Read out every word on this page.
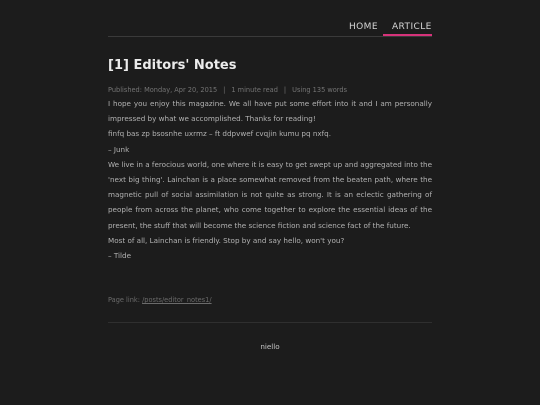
HOME ARTICLE
[1] Editors' Notes
Published: Monday, Apr 20, 2015 | 1 minute read | Using 135 words

I hope you enjoy this magazine. We all have put some effort into it and I am personally impressed by what we accomplished. Thanks for reading!

finfq bas zp bsosnhe uxrmz – ft ddpvwef cvqjin kumu pq nxfq.

– Junk

We live in a ferocious world, one where it is easy to get swept up and aggregated into the 'next big thing'. Lainchan is a place somewhat removed from the beaten path, where the magnetic pull of social assimilation is not quite as strong. It is an eclectic gathering of people from across the planet, who come together to explore the essential ideas of the present, the stuff that will become the science fiction and science fact of the future.

Most of all, Lainchan is friendly. Stop by and say hello, won't you?

– Tilde

Page link: /posts/editor_notes1/
niello
